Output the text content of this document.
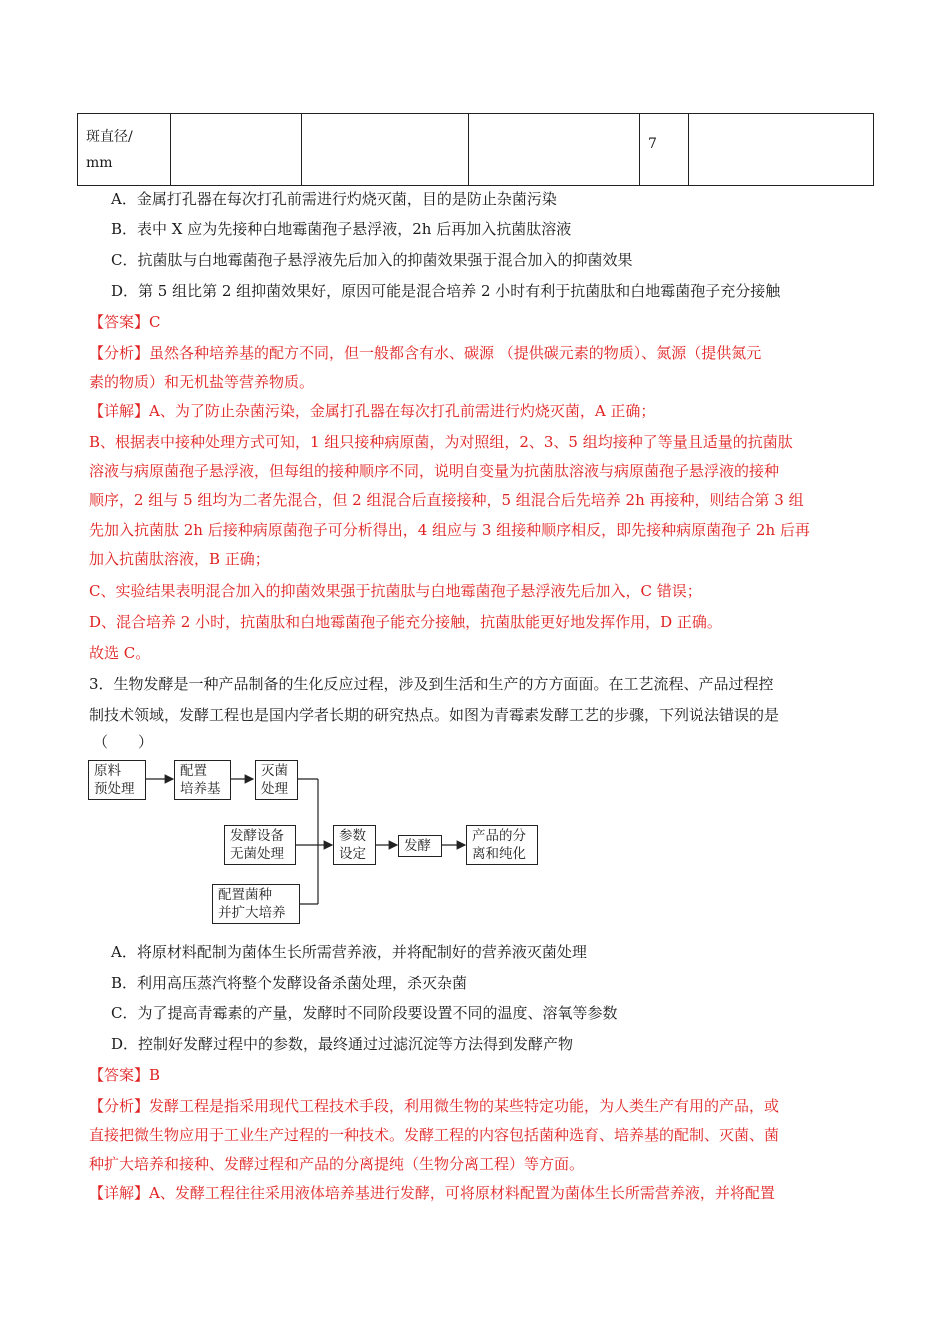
斑直径/
mm
				7	
A．金属打孔器在每次打孔前需进行灼烧灭菌，目的是防止杂菌污染
B．表中 X 应为先接种白地霉菌孢子悬浮液，2h 后再加入抗菌肽溶液
C．抗菌肽与白地霉菌孢子悬浮液先后加入的抑菌效果强于混合加入的抑菌效果
D．第 5 组比第 2 组抑菌效果好，原因可能是混合培养 2 小时有利于抗菌肽和白地霉菌孢子充分接触
【答案】C
【分析】虽然各种培养基的配方不同，但一般都含有水、碳源 （提供碳元素的物质）、氮源（提供氮元
素的物质）和无机盐等营养物质。
【详解】A、为了防止杂菌污染，金属打孔器在每次打孔前需进行灼烧灭菌，A 正确；
B、根据表中接种处理方式可知，1 组只接种病原菌，为对照组，2、3、5 组均接种了等量且适量的抗菌肽
溶液与病原菌孢子悬浮液，但每组的接种顺序不同，说明自变量为抗菌肽溶液与病原菌孢子悬浮液的接种
顺序，2 组与 5 组均为二者先混合，但 2 组混合后直接接种，5 组混合后先培养 2h 再接种，则结合第 3 组
先加入抗菌肽 2h 后接种病原菌孢子可分析得出，4 组应与 3 组接种顺序相反，即先接种病原菌孢子 2h 后再
加入抗菌肽溶液，B 正确；
C、实验结果表明混合加入的抑菌效果强于抗菌肽与白地霉菌孢子悬浮液先后加入，C 错误；
D、混合培养 2 小时，抗菌肽和白地霉菌孢子能充分接触，抗菌肽能更好地发挥作用，D 正确。
故选 C。
3．生物发酵是一种产品制备的生化反应过程，涉及到生活和生产的方方面面。在工艺流程、产品过程控
制技术领域，发酵工程也是国内学者长期的研究热点。如图为青霉素发酵工艺的步骤，下列说法错误的是
（　　）
原料
预处理
配置
培养基
灭菌
处理
发酵设备
无菌处理
配置菌种
并扩大培养
参数
设定	发酵
产品的分
离和纯化
A．将原材料配制为菌体生长所需营养液，并将配制好的营养液灭菌处理
B．利用高压蒸汽将整个发酵设备杀菌处理，杀灭杂菌
C．为了提高青霉素的产量，发酵时不同阶段要设置不同的温度、溶氧等参数
D．控制好发酵过程中的参数，最终通过过滤沉淀等方法得到发酵产物
【答案】B
【分析】发酵工程是指采用现代工程技术手段，利用微生物的某些特定功能，为人类生产有用的产品，或
直接把微生物应用于工业生产过程的一种技术。发酵工程的内容包括菌种选育、培养基的配制、灭菌、菌
种扩大培养和接种、发酵过程和产品的分离提纯（生物分离工程）等方面。
【详解】A、发酵工程往往采用液体培养基进行发酵，可将原材料配置为菌体生长所需营养液，并将配置
